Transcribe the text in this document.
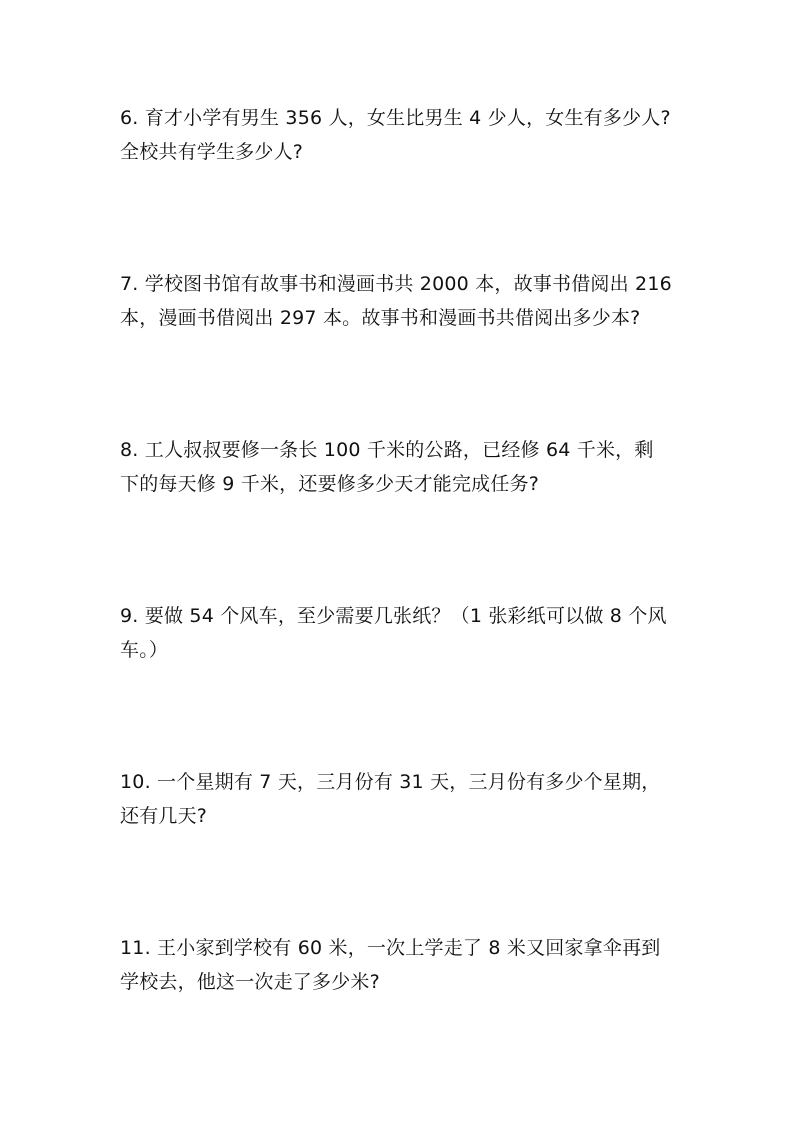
6. 育才小学有男生 356 人，女生比男生 4 少人，女生有多少人?
全校共有学生多少人?

7. 学校图书馆有故事书和漫画书共 2000 本，故事书借阅出 216
本，漫画书借阅出 297 本。故事书和漫画书共借阅出多少本?

8. 工人叔叔要修一条长 100 千米的公路，已经修 64 千米，剩
下的每天修 9 千米，还要修多少天才能完成任务?

9. 要做 54 个风车，至少需要几张纸？（1 张彩纸可以做 8 个风
车。）

10. 一个星期有 7 天，三月份有 31 天，三月份有多少个星期，
还有几天?

11. 王小家到学校有 60 米，一次上学走了 8 米又回家拿伞再到
学校去，他这一次走了多少米?
